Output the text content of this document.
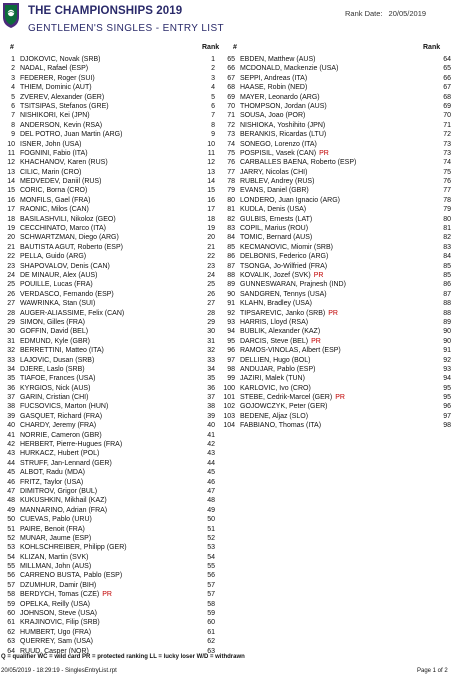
THE CHAMPIONSHIPS 2019
GENTLEMEN'S SINGLES - ENTRY LIST
Rank Date: 20/05/2019
#	Rank #	Rank
1 DJOKOVIC, Novak (SRB)	1
2 NADAL, Rafael (ESP)	2
3 FEDERER, Roger (SUI)	3
4 THIEM, Dominic (AUT)	4
5 ZVEREV, Alexander (GER)	5
6 TSITSIPAS, Stefanos (GRE)	6
7 NISHIKORI, Kei (JPN)	7
8 ANDERSON, Kevin (RSA)	8
9 DEL POTRO, Juan Martin (ARG)	9
10 ISNER, John (USA)	10
11 FOGNINI, Fabio (ITA)	11
12 KHACHANOV, Karen (RUS)	12
13 CILIC, Marin (CRO)	13
14 MEDVEDEV, Daniil (RUS)	14
15 CORIC, Borna (CRO)	15
16 MONFILS, Gael (FRA)	16
17 RAONIC, Milos (CAN)	17
18 BASILASHVILI, Nikoloz (GEO)	18
19 CECCHINATO, Marco (ITA)	19
20 SCHWARTZMAN, Diego (ARG)	20
21 BAUTISTA AGUT, Roberto (ESP)	21
22 PELLA, Guido (ARG)	22
23 SHAPOVALOV, Denis (CAN)	23
24 DE MINAUR, Alex (AUS)	24
25 POUILLE, Lucas (FRA)	25
26 VERDASCO, Fernando (ESP)	26
27 WAWRINKA, Stan (SUI)	27
28 AUGER-ALIASSIME, Felix (CAN)	28
29 SIMON, Gilles (FRA)	29
30 GOFFIN, David (BEL)	30
31 EDMUND, Kyle (GBR)	31
32 BERRETTINI, Matteo (ITA)	32
33 LAJOVIC, Dusan (SRB)	33
34 DJERE, Laslo (SRB)	34
35 TIAFOE, Frances (USA)	35
36 KYRGIOS, Nick (AUS)	36
37 GARIN, Cristian (CHI)	37
38 FUCSOVICS, Marton (HUN)	38
39 GASQUET, Richard (FRA)	39
40 CHARDY, Jeremy (FRA)	40
41 NORRIE, Cameron (GBR)	41
42 HERBERT, Pierre-Hugues (FRA)	42
43 HURKACZ, Hubert (POL)	43
44 STRUFF, Jan-Lennard (GER)	44
45 ALBOT, Radu (MDA)	45
46 FRITZ, Taylor (USA)	46
47 DIMITROV, Grigor (BUL)	47
48 KUKUSHKIN, Mikhail (KAZ)	48
49 MANNARINO, Adrian (FRA)	49
50 CUEVAS, Pablo (URU)	50
51 PAIRE, Benoit (FRA)	51
52 MUNAR, Jaume (ESP)	52
53 KOHLSCHREIBER, Philipp (GER)	53
54 KLIZAN, Martin (SVK)	54
55 MILLMAN, John (AUS)	55
56 CARRENO BUSTA, Pablo (ESP)	56
57 DZUMHUR, Damir (BIH)	57
58 BERDYCH, Tomas (CZE) PR	57
59 OPELKA, Reilly (USA)	58
60 JOHNSON, Steve (USA)	59
61 KRAJINOVIC, Filip (SRB)	60
62 HUMBERT, Ugo (FRA)	61
63 QUERREY, Sam (USA)	62
64 RUUD, Casper (NOR)	63
65 EBDEN, Matthew (AUS)	64
66 MCDONALD, Mackenzie (USA)	65
67 SEPPI, Andreas (ITA)	66
68 HAASE, Robin (NED)	67
69 MAYER, Leonardo (ARG)	68
70 THOMPSON, Jordan (AUS)	69
71 SOUSA, Joao (POR)	70
72 NISHIOKA, Yoshihito (JPN)	71
73 BERANKIS, Ricardas (LTU)	72
74 SONEGO, Lorenzo (ITA)	73
75 POSPISIL, Vasek (CAN) PR	73
76 CARBALLES BAENA, Roberto (ESP)	74
77 JARRY, Nicolas (CHI)	75
78 RUBLEV, Andrey (RUS)	76
79 EVANS, Daniel (GBR)	77
80 LONDERO, Juan Ignacio (ARG)	78
81 KUDLA, Denis (USA)	79
82 GULBIS, Ernests (LAT)	80
83 COPIL, Marius (ROU)	81
84 TOMIC, Bernard (AUS)	82
85 KECMANOVIC, Miomir (SRB)	83
86 DELBONIS, Federico (ARG)	84
87 TSONGA, Jo-Wilfried (FRA)	85
88 KOVALIK, Jozef (SVK) PR	85
89 GUNNESWARAN, Prajnesh (IND)	86
90 SANDGREN, Tennys (USA)	87
91 KLAHN, Bradley (USA)	88
92 TIPSAREVIC, Janko (SRB) PR	88
93 HARRIS, Lloyd (RSA)	89
94 BUBLIK, Alexander (KAZ)	90
95 DARCIS, Steve (BEL) PR	90
96 RAMOS-VINOLAS, Albert (ESP)	91
97 DELLIEN, Hugo (BOL)	92
98 ANDUJAR, Pablo (ESP)	93
99 JAZIRI, Malek (TUN)	94
100 KARLOVIC, Ivo (CRO)	95
101 STEBE, Cedrik-Marcel (GER) PR	95
102 GOJOWCZYK, Peter (GER)	96
103 BEDENE, Aljaz (SLO)	97
104 FABBIANO, Thomas (ITA)	98
Q = qualifier WC = wild card PR = protected ranking LL = lucky loser W/D = withdrawn
20/05/2019 - 18:29:19 - SinglesEntryList.rpt	Page 1 of 2
